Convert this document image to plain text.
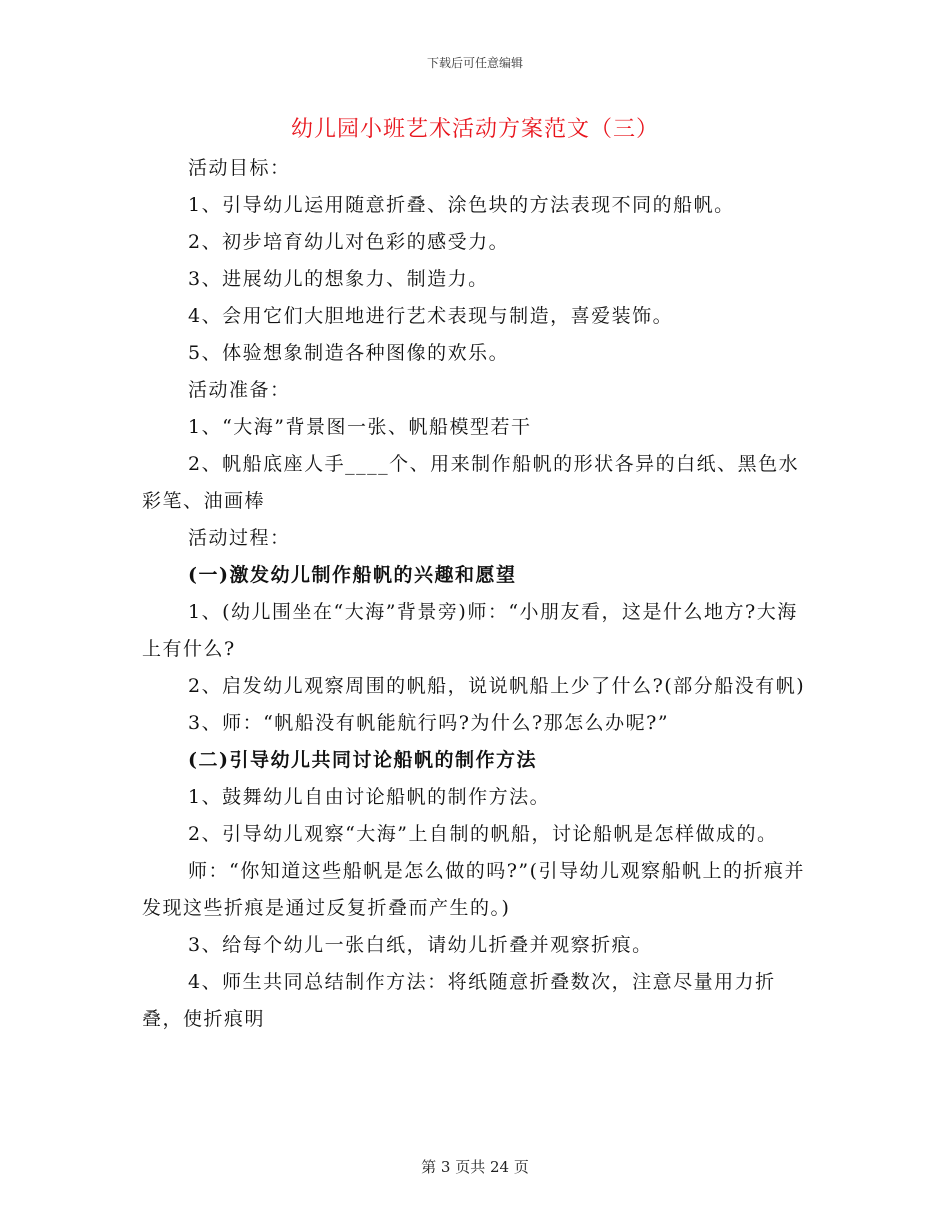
下载后可任意编辑
幼儿园小班艺术活动方案范文（三）

活动目标：

1、引导幼儿运用随意折叠、涂色块的方法表现不同的船帆。

2、初步培育幼儿对色彩的感受力。

3、进展幼儿的想象力、制造力。

4、会用它们大胆地进行艺术表现与制造，喜爱装饰。

5、体验想象制造各种图像的欢乐。

活动准备：

1、“大海”背景图一张、帆船模型若干

2、帆船底座人手____个、用来制作船帆的形状各异的白纸、黑色水彩笔、油画棒

活动过程：

(一)激发幼儿制作船帆的兴趣和愿望

1、(幼儿围坐在“大海”背景旁)师：“小朋友看，这是什么地方?大海上有什么?

2、启发幼儿观察周围的帆船，说说帆船上少了什么?(部分船没有帆)

3、师：“帆船没有帆能航行吗?为什么?那怎么办呢?”

(二)引导幼儿共同讨论船帆的制作方法

1、鼓舞幼儿自由讨论船帆的制作方法。

2、引导幼儿观察“大海”上自制的帆船，讨论船帆是怎样做成的。

师：“你知道这些船帆是怎么做的吗?”(引导幼儿观察船帆上的折痕并发现这些折痕是通过反复折叠而产生的。)

3、给每个幼儿一张白纸，请幼儿折叠并观察折痕。

4、师生共同总结制作方法：将纸随意折叠数次，注意尽量用力折叠，使折痕明

第 3 页共 24 页
